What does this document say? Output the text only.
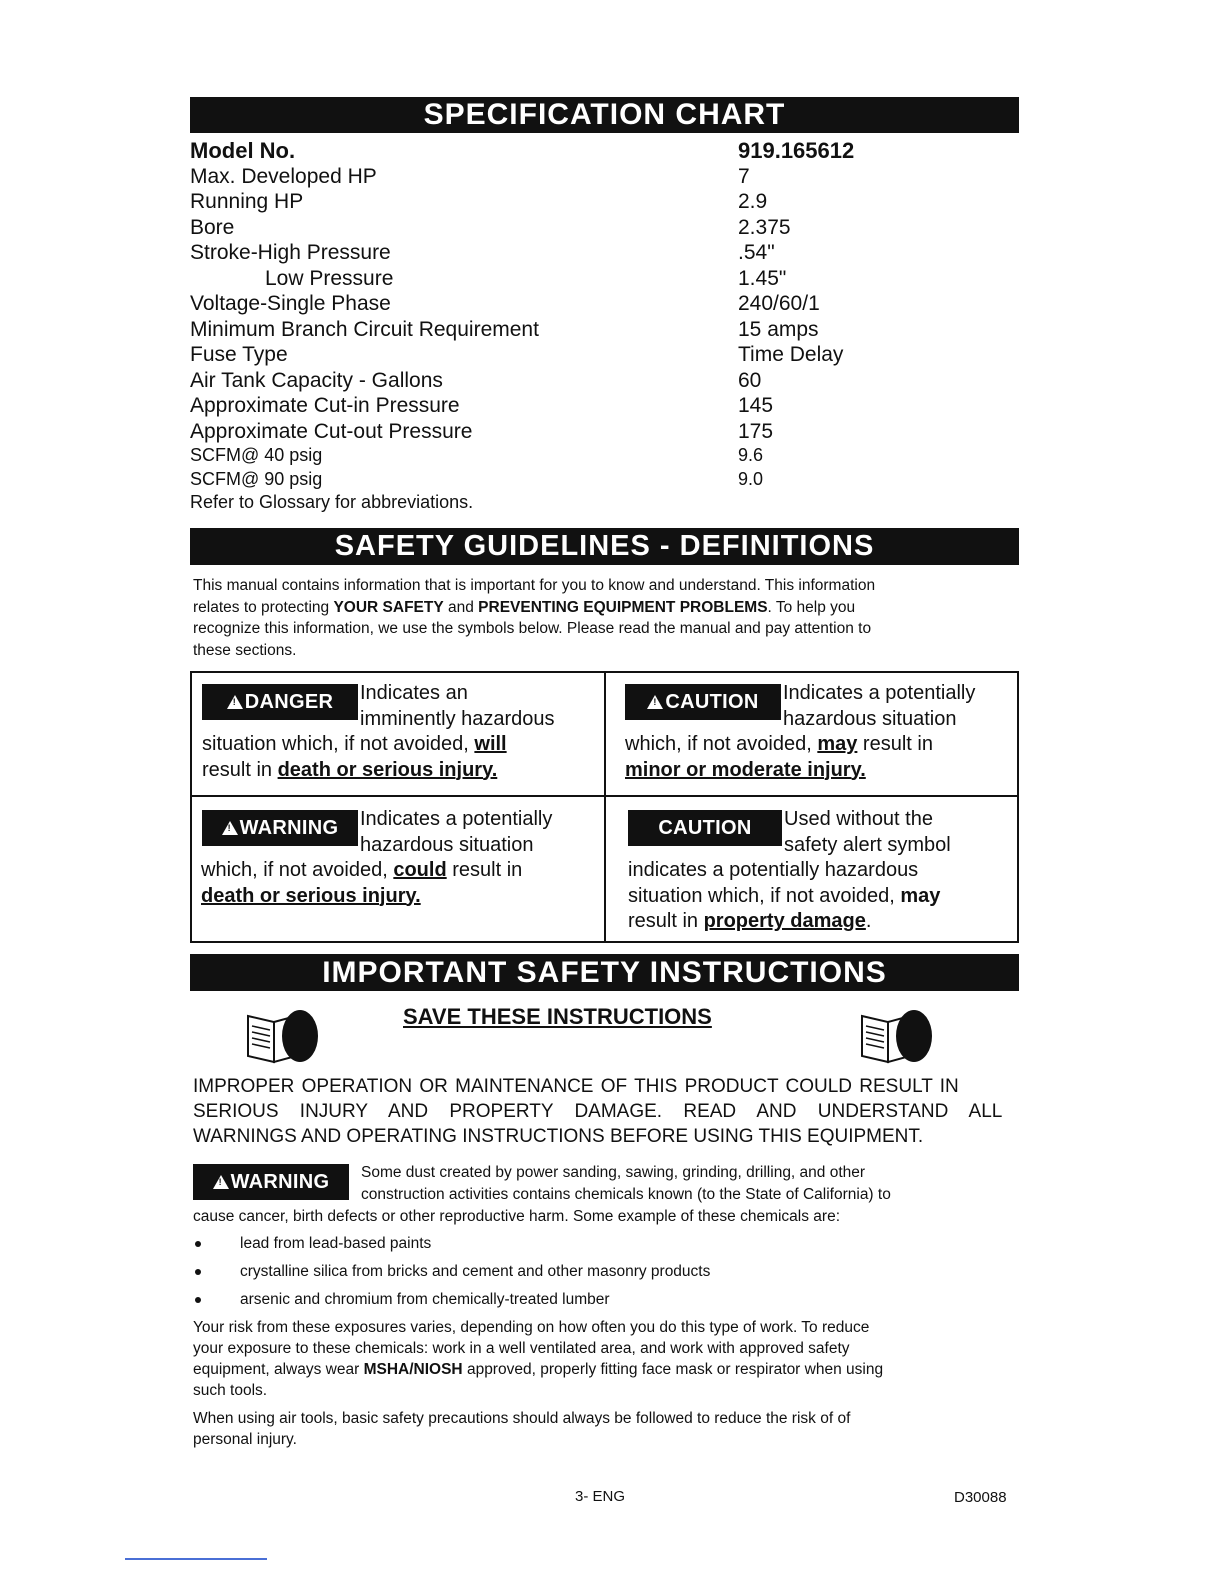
SPECIFICATION CHART
Model No.	919.165612
Max. Developed HP	7
Running HP	2.9
Bore	2.375
Stroke-High Pressure	.54"
Low Pressure	1.45"
Voltage-Single Phase	240/60/1
Minimum Branch Circuit Requirement	15 amps
Fuse Type	Time Delay
Air Tank Capacity - Gallons	60
Approximate Cut-in Pressure	145
Approximate Cut-out Pressure	175
SCFM@ 40 psig	9.6
SCFM@ 90 psig	9.0
Refer to Glossary for abbreviations.
SAFETY GUIDELINES - DEFINITIONS
This manual contains information that is important for you to know and understand. This information
relates to protecting YOUR SAFETY and PREVENTING EQUIPMENT PROBLEMS. To help you
recognize this information, we use the symbols below. Please read the manual and pay attention to
these sections.
!DANGER	Indicates an
imminently hazardous
situation which, if not avoided, will
result in death or serious injury.
!CAUTION	Indicates a potentially
hazardous situation
which, if not avoided, may result in
minor or moderate injury.
!WARNING	Indicates a potentially
hazardous situation
which, if not avoided, could result in
death or serious injury.
CAUTION	Used without the
safety alert symbol
indicates a potentially hazardous
situation which, if not avoided, may
result in property damage.
IMPORTANT SAFETY INSTRUCTIONS
SAVE THESE INSTRUCTIONS
IMPROPER OPERATION OR MAINTENANCE OF THIS PRODUCT COULD RESULT IN
SERIOUS INJURY AND PROPERTY DAMAGE. READ AND UNDERSTAND ALL
WARNINGS AND OPERATING INSTRUCTIONS BEFORE USING THIS EQUIPMENT.
!WARNING	Some dust created by power sanding, sawing, grinding, drilling, and other
construction activities contains chemicals known (to the State of California) to
cause cancer, birth defects or other reproductive harm. Some example of these chemicals are:
lead from lead-based paints
crystalline silica from bricks and cement and other masonry products
arsenic and chromium from chemically-treated lumber
Your risk from these exposures varies, depending on how often you do this type of work. To reduce
your exposure to these chemicals: work in a well ventilated area, and work with approved safety
equipment, always wear MSHA/NIOSH approved, properly fitting face mask or respirator when using
such tools.
When using air tools, basic safety precautions should always be followed to reduce the risk of of
personal injury.
3- ENG	D30088
